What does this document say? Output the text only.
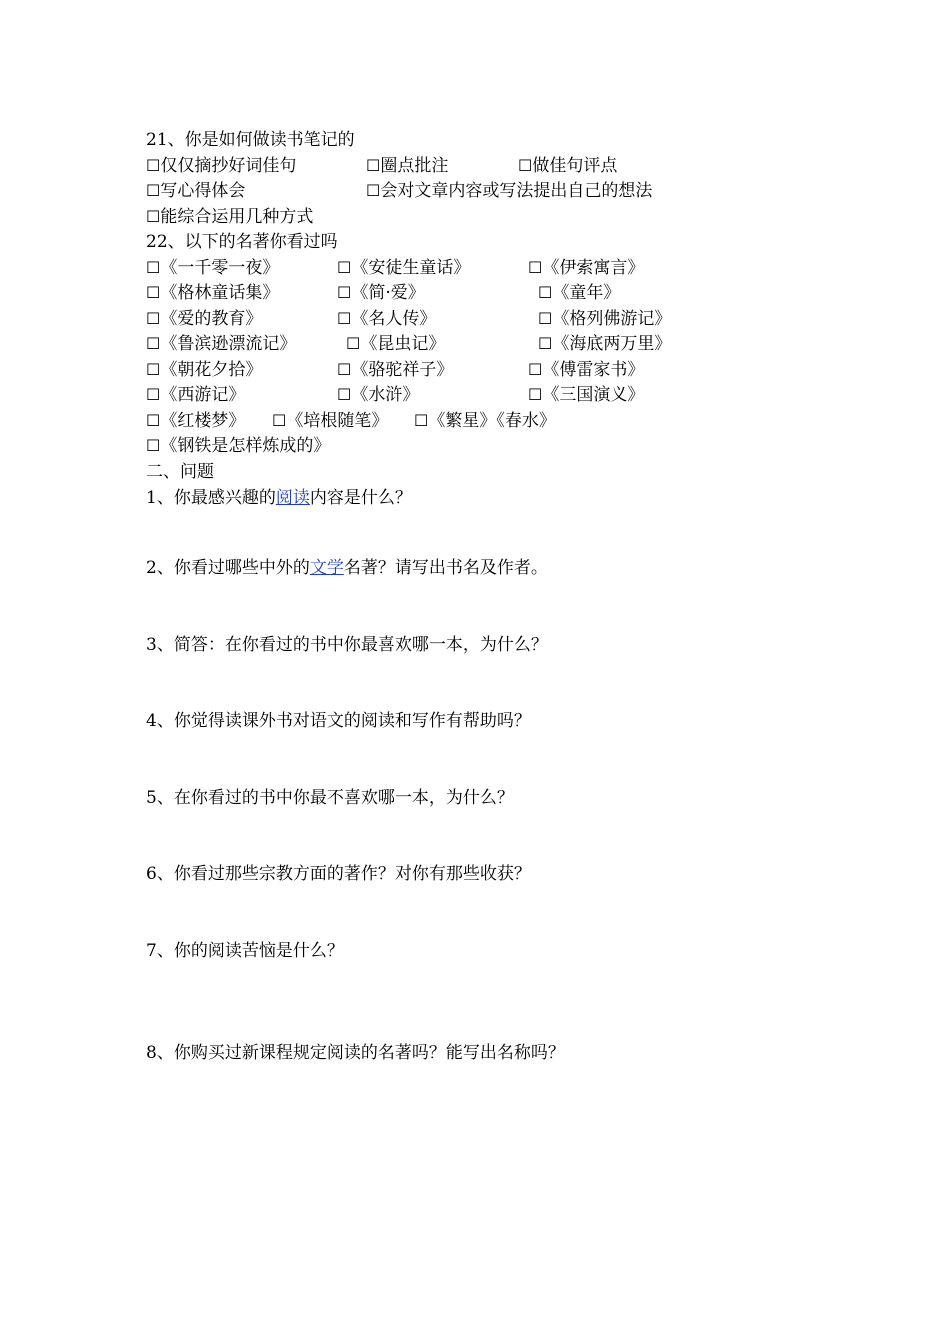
21、你是如何做读书笔记的
☐仅仅摘抄好词佳句	☐圈点批注	☐做佳句评点
☐写心得体会	☐会对文章内容或写法提出自己的想法
☐能综合运用几种方式
22、以下的名著你看过吗
☐《一千零一夜》	☐《安徒生童话》	☐《伊索寓言》
☐《格林童话集》	☐《简·爱》	☐《童年》
☐《爱的教育》	☐《名人传》	☐《格列佛游记》
☐《鲁滨逊漂流记》	☐《昆虫记》	☐《海底两万里》
☐《朝花夕拾》	☐《骆驼祥子》	☐《傅雷家书》
☐《西游记》	☐《水浒》	☐《三国演义》
☐《红楼梦》 ☐《培根随笔》 ☐《繁星》《春水》
☐《钢铁是怎样炼成的》
二、问题
1、你最感兴趣的阅读内容是什么？
2、你看过哪些中外的文学名著？请写出书名及作者。
3、简答：在你看过的书中你最喜欢哪一本，为什么？
4、你觉得读课外书对语文的阅读和写作有帮助吗？
5、在你看过的书中你最不喜欢哪一本，为什么？
6、你看过那些宗教方面的著作？对你有那些收获？
7、你的阅读苦恼是什么？
8、你购买过新课程规定阅读的名著吗？能写出名称吗？
